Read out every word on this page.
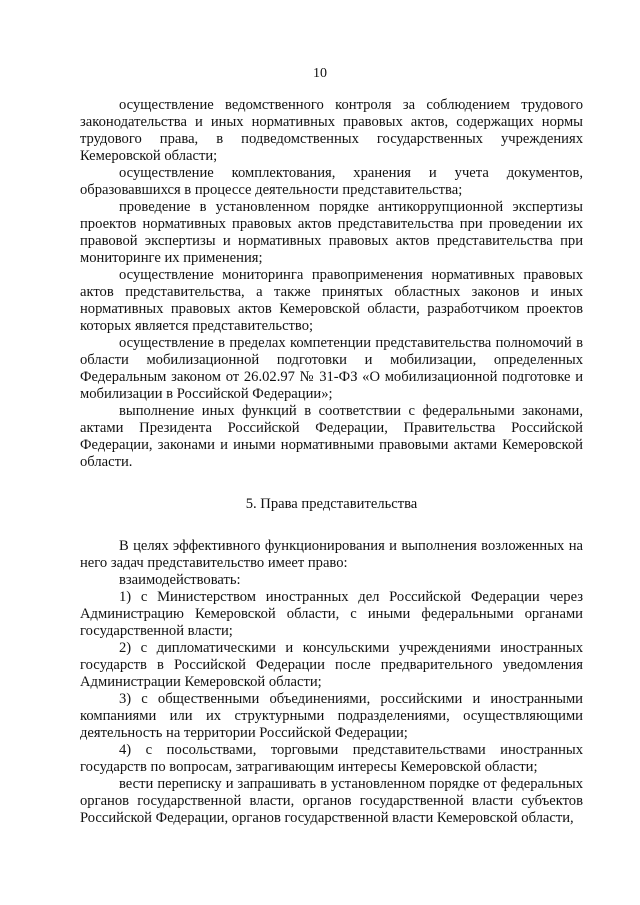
10

осуществление ведомственного контроля за соблюдением трудового законодательства и иных нормативных правовых актов, содержащих нормы трудового права, в подведомственных государственных учреждениях Кемеровской области;

осуществление комплектования, хранения и учета документов, образовавшихся в процессе деятельности представительства;

проведение в установленном порядке антикоррупционной экспертизы проектов нормативных правовых актов представительства при проведении их правовой экспертизы и нормативных правовых актов представительства при мониторинге их применения;

осуществление мониторинга правоприменения нормативных правовых актов представительства, а также принятых областных законов и иных нормативных правовых актов Кемеровской области, разработчиком проектов которых является представительство;

осуществление в пределах компетенции представительства полномочий в области мобилизационной подготовки и мобилизации, определенных Федеральным законом от 26.02.97 № 31-ФЗ «О мобилизационной подготовке и мобилизации в Российской Федерации»;

выполнение иных функций в соответствии с федеральными законами, актами Президента Российской Федерации, Правительства Российской Федерации, законами и иными нормативными правовыми актами Кемеровской области.

5. Права представительства

В целях эффективного функционирования и выполнения возложенных на него задач представительство имеет право:

взаимодействовать:

1) с Министерством иностранных дел Российской Федерации через Администрацию Кемеровской области, с иными федеральными органами государственной власти;

2) с дипломатическими и консульскими учреждениями иностранных государств в Российской Федерации после предварительного уведомления Администрации Кемеровской области;

3) с общественными объединениями, российскими и иностранными компаниями или их структурными подразделениями, осуществляющими деятельность на территории Российской Федерации;

4) с посольствами, торговыми представительствами иностранных государств по вопросам, затрагивающим интересы Кемеровской области;

вести переписку и запрашивать в установленном порядке от федеральных органов государственной власти, органов государственной власти субъектов Российской Федерации, органов государственной власти Кемеровской области,
